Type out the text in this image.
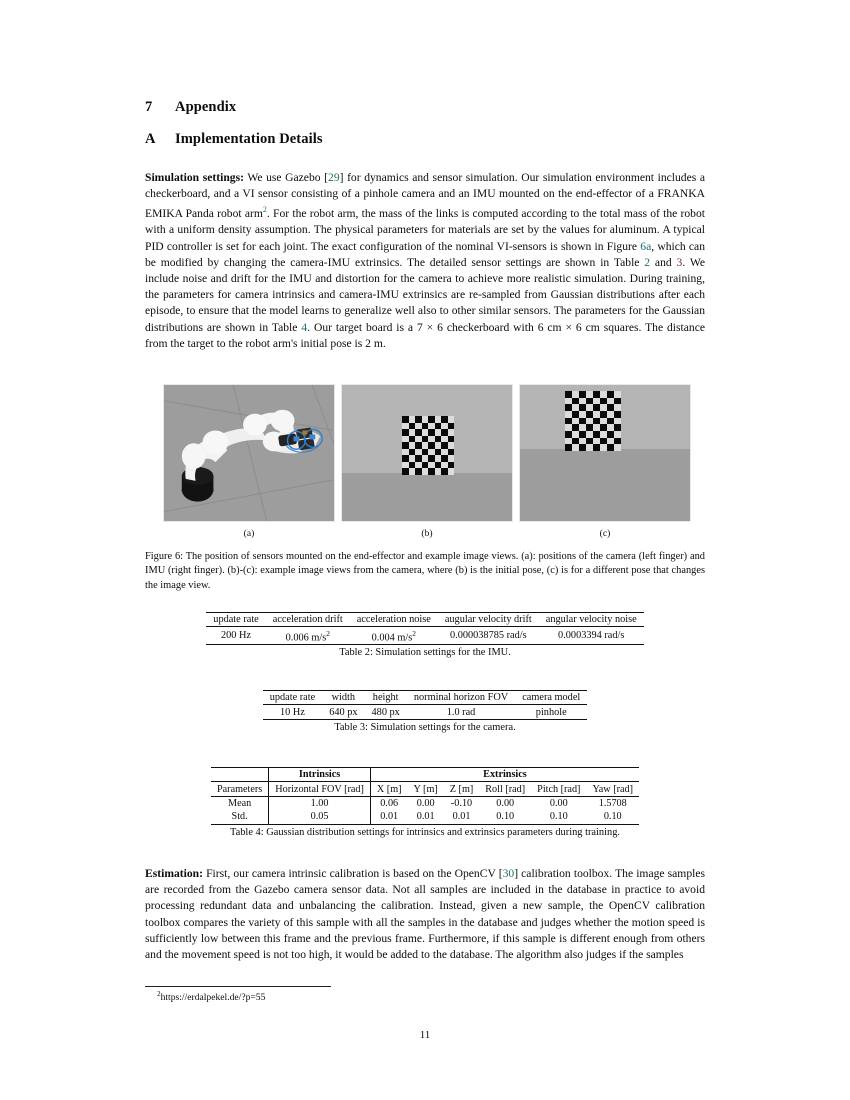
7 Appendix
A Implementation Details

Simulation settings: We use Gazebo [29] for dynamics and sensor simulation. Our simulation environment includes a checkerboard, and a VI sensor consisting of a pinhole camera and an IMU mounted on the end-effector of a FRANKA EMIKA Panda robot arm$^2$. For the robot arm, the mass of the links is computed according to the total mass of the robot with a uniform density assumption. The physical parameters for materials are set by the values for aluminum. A typical PID controller is set for each joint. The exact configuration of the nominal VI-sensors is shown in Figure 6a, which can be modified by changing the camera-IMU extrinsics. The detailed sensor settings are shown in Table 2 and 3. We include noise and drift for the IMU and distortion for the camera to achieve more realistic simulation. During training, the parameters for camera intrinsics and camera-IMU extrinsics are re-sampled from Gaussian distributions after each episode, to ensure that the model learns to generalize well also to other similar sensors. The parameters for the Gaussian distributions are shown in Table 4. Our target board is a 7 × 6 checkerboard with 6 cm × 6 cm squares. The distance from the target to the robot arm's initial pose is 2 m.

(a)	(b)	(c)

Figure 6: The position of sensors mounted on the end-effector and example image views. (a): positions of the camera (left finger) and IMU (right finger). (b)-(c): example image views from the camera, where (b) is the initial pose, (c) is for a different pose that changes the image view.

update rate	acceleration drift	acceleration noise	augular velocity drift	angular velocity noise
200 Hz	0.006 $m/s^2$	0.004 $m/s^2$	0.000038785 rad/s	0.0003394 rad/s
Table 2: Simulation settings for the IMU.
update rate	width	height	norminal horizon FOV	camera model
10 Hz	640 px	480 px	1.0 rad	pinhole
Table 3: Simulation settings for the camera.
	Intrinsics	Extrinsics					
Parameters	Horizontal FOV [rad]	X [m]	Y [m]	Z [m]	Roll [rad]	Pitch [rad]	Yaw [rad]
Mean	1.00	0.06	0.00	-0.10	0.00	0.00	1.5708
Std.	0.05	0.01	0.01	0.01	0.10	0.10	0.10
Table 4: Gaussian distribution settings for intrinsics and extrinsics parameters during training.

Estimation: First, our camera intrinsic calibration is based on the OpenCV [30] calibration toolbox. The image samples are recorded from the Gazebo camera sensor data. Not all samples are included in the database in practice to avoid processing redundant data and unbalancing the calibration. Instead, given a new sample, the OpenCV calibration toolbox compares the variety of this sample with all the samples in the database and judges whether the motion speed is sufficiently low between this frame and the previous frame. Furthermore, if this sample is different enough from others and the movement speed is not too high, it would be added to the database. The algorithm also judges if the samples

$^2$https://erdalpekel.de/?p=55
11
